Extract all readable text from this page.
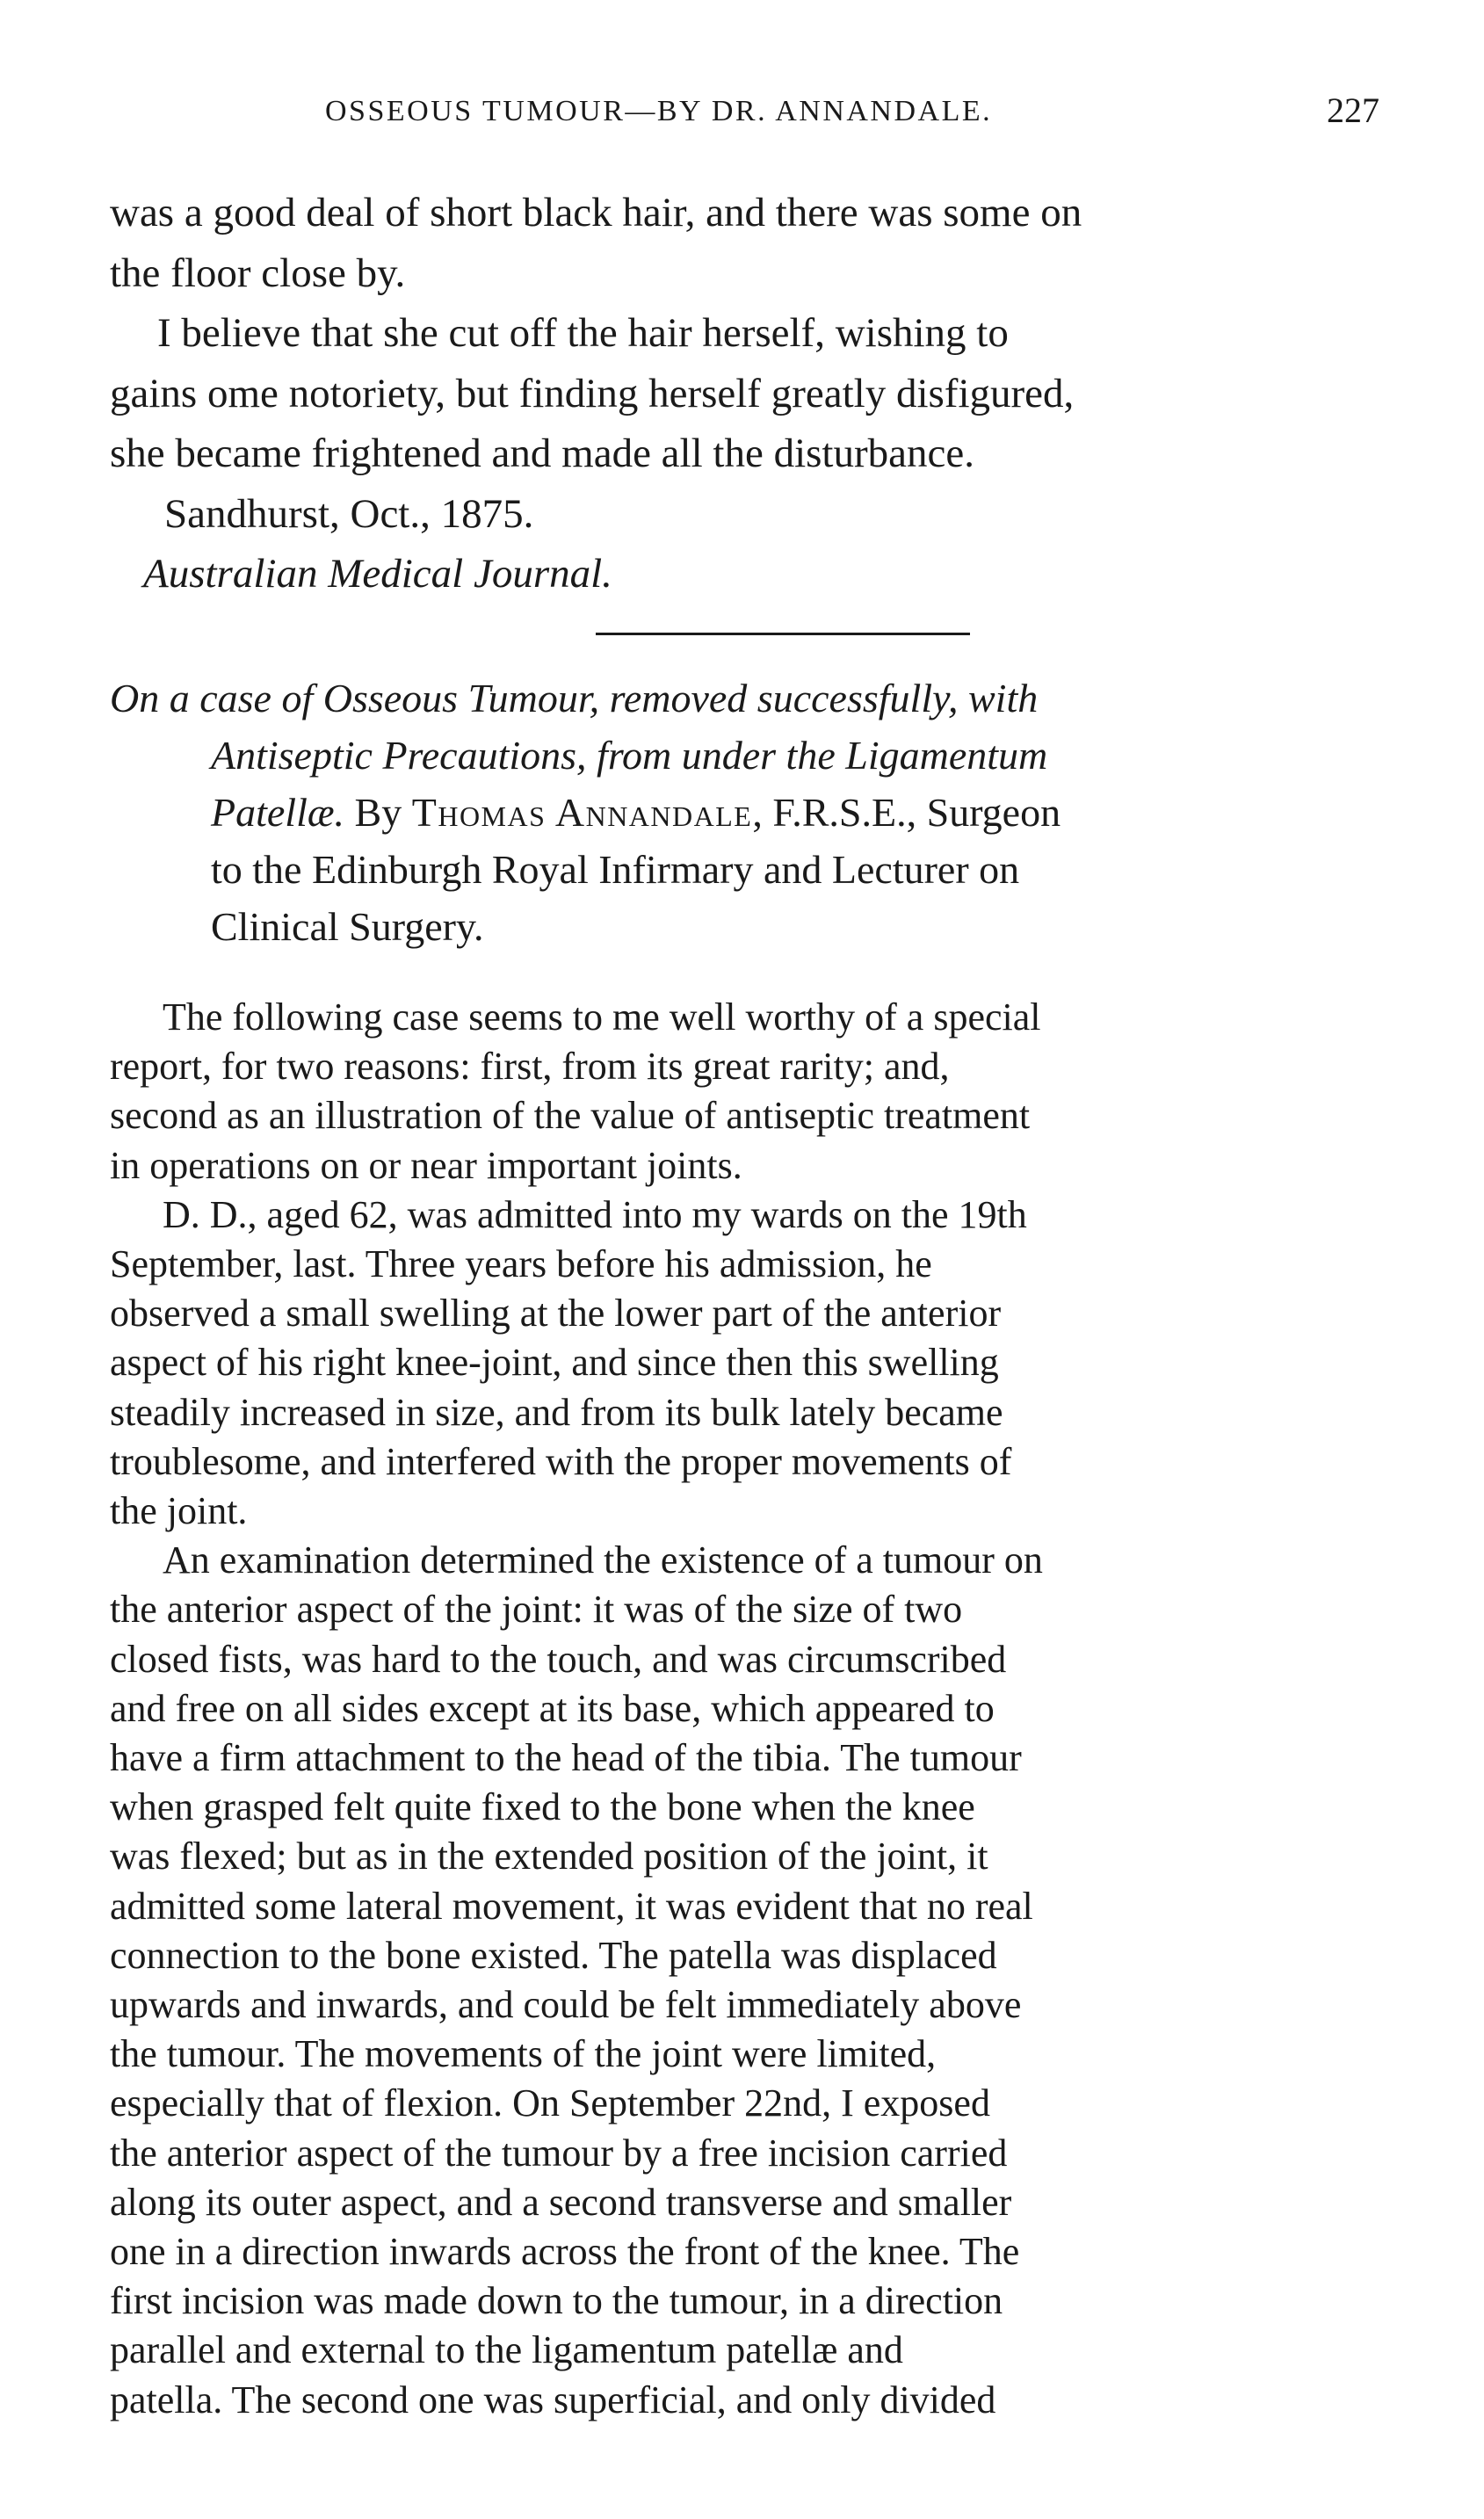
OSSEOUS TUMOUR—BY DR. ANNANDALE.	227
was a good deal of short black hair, and there was some on
the floor close by.
I believe that she cut off the hair herself, wishing to
gains ome notoriety, but finding herself greatly disfigured,
she became frightened and made all the disturbance.
Sandhurst, Oct., 1875.
Australian Medical Journal.
On a case of Osseous Tumour, removed successfully, with
Antiseptic Precautions, from under the Ligamentum
Patellæ. By Thomas Annandale, F.R.S.E., Surgeon
to the Edinburgh Royal Infirmary and Lecturer on
Clinical Surgery.
The following case seems to me well worthy of a special
report, for two reasons: first, from its great rarity; and,
second as an illustration of the value of antiseptic treatment
in operations on or near important joints.
D. D., aged 62, was admitted into my wards on the 19th
September, last. Three years before his admission, he
observed a small swelling at the lower part of the anterior
aspect of his right knee-joint, and since then this swelling
steadily increased in size, and from its bulk lately became
troublesome, and interfered with the proper movements of
the joint.
An examination determined the existence of a tumour on
the anterior aspect of the joint: it was of the size of two
closed fists, was hard to the touch, and was circumscribed
and free on all sides except at its base, which appeared to
have a firm attachment to the head of the tibia. The tumour
when grasped felt quite fixed to the bone when the knee
was flexed; but as in the extended position of the joint, it
admitted some lateral movement, it was evident that no real
connection to the bone existed. The patella was displaced
upwards and inwards, and could be felt immediately above
the tumour. The movements of the joint were limited,
especially that of flexion. On September 22nd, I exposed
the anterior aspect of the tumour by a free incision carried
along its outer aspect, and a second transverse and smaller
one in a direction inwards across the front of the knee. The
first incision was made down to the tumour, in a direction
parallel and external to the ligamentum patellæ and
patella. The second one was superficial, and only divided
